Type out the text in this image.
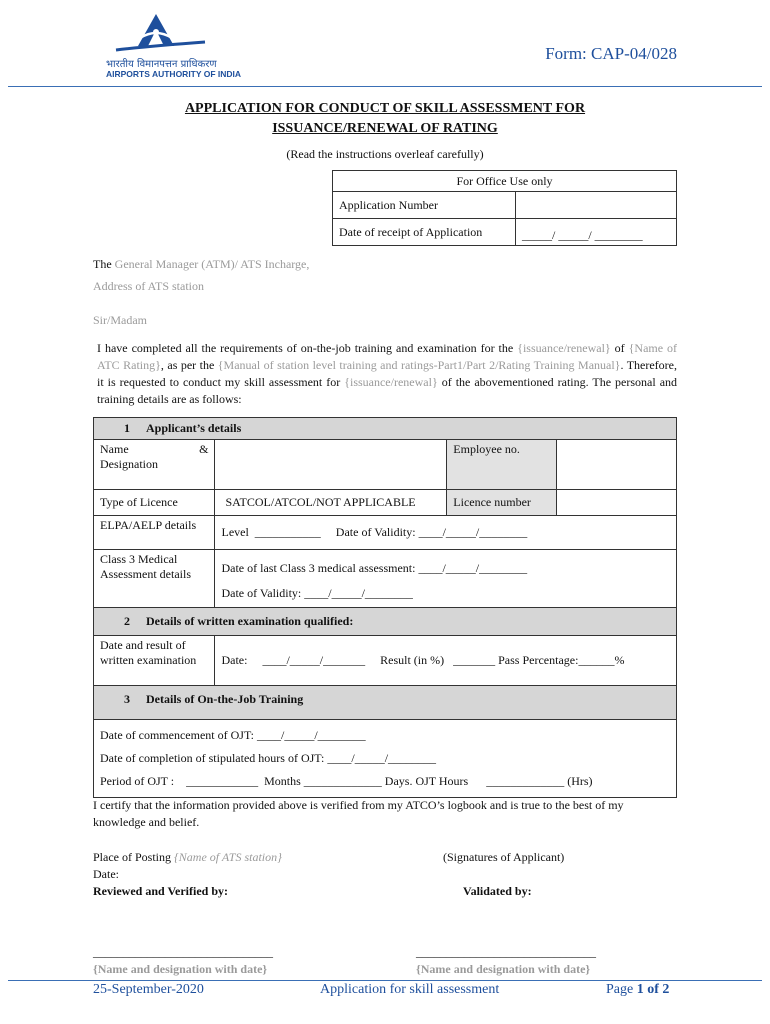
भारतीय विमानपत्तन प्राधिकरण
AIRPORTS AUTHORITY OF INDIA
Form: CAP-04/028
APPLICATION FOR CONDUCT OF SKILL ASSESSMENT FOR
ISSUANCE/RENEWAL OF RATING
(Read the instructions overleaf carefully)
For Office Use only	
Application Number	
Date of receipt of Application	_____/ _____/ ________
The General Manager (ATM)/ ATS Incharge,
Address of ATS station
Sir/Madam
I have completed all the requirements of on-the-job training and examination for the {issuance/renewal} of {Name of ATC Rating}, as per the {Manual of station level training and ratings-Part1/Part 2/Rating Training Manual}. Therefore, it is requested to conduct my skill assessment for {issuance/renewal} of the abovementioned rating. The personal and training details are as follows:
1 Applicant’s details			

Name &
Designation		Employee no.	
Type of Licence	SATCOL/ATCOL/NOT APPLICABLE	Licence number	
ELPA/AELP details	Level  ___________     Date of Validity: ____/_____/________		
Class 3 Medical Assessment details	Date of last Class 3 medical assessment: ____/_____/________
Date of Validity: ____/_____/________		

2 Details of written examination qualified:			
Date and result of written examination	Date:     ____/_____/_______     Result (in %)   _______ Pass Percentage:______%		
3 Details of On-the-Job Training			

Date of commencement of OJT: ____/_____/________
Date of completion of stipulated hours of OJT: ____/_____/________
Period of OJT :    ____________  Months _____________ Days. OJT Hours      _____________ (Hrs)			
I certify that the information provided above is verified from my ATCO’s logbook and is true to the best of my knowledge and belief.
Place of Posting {Name of ATS station}	(Signatures of Applicant)
Date:
Reviewed and Verified by:	Validated by:
______________________________	______________________________
{Name and designation with date}	{Name and designation with date}
25-September-2020	Application for skill assessment	Page 1 of 2
